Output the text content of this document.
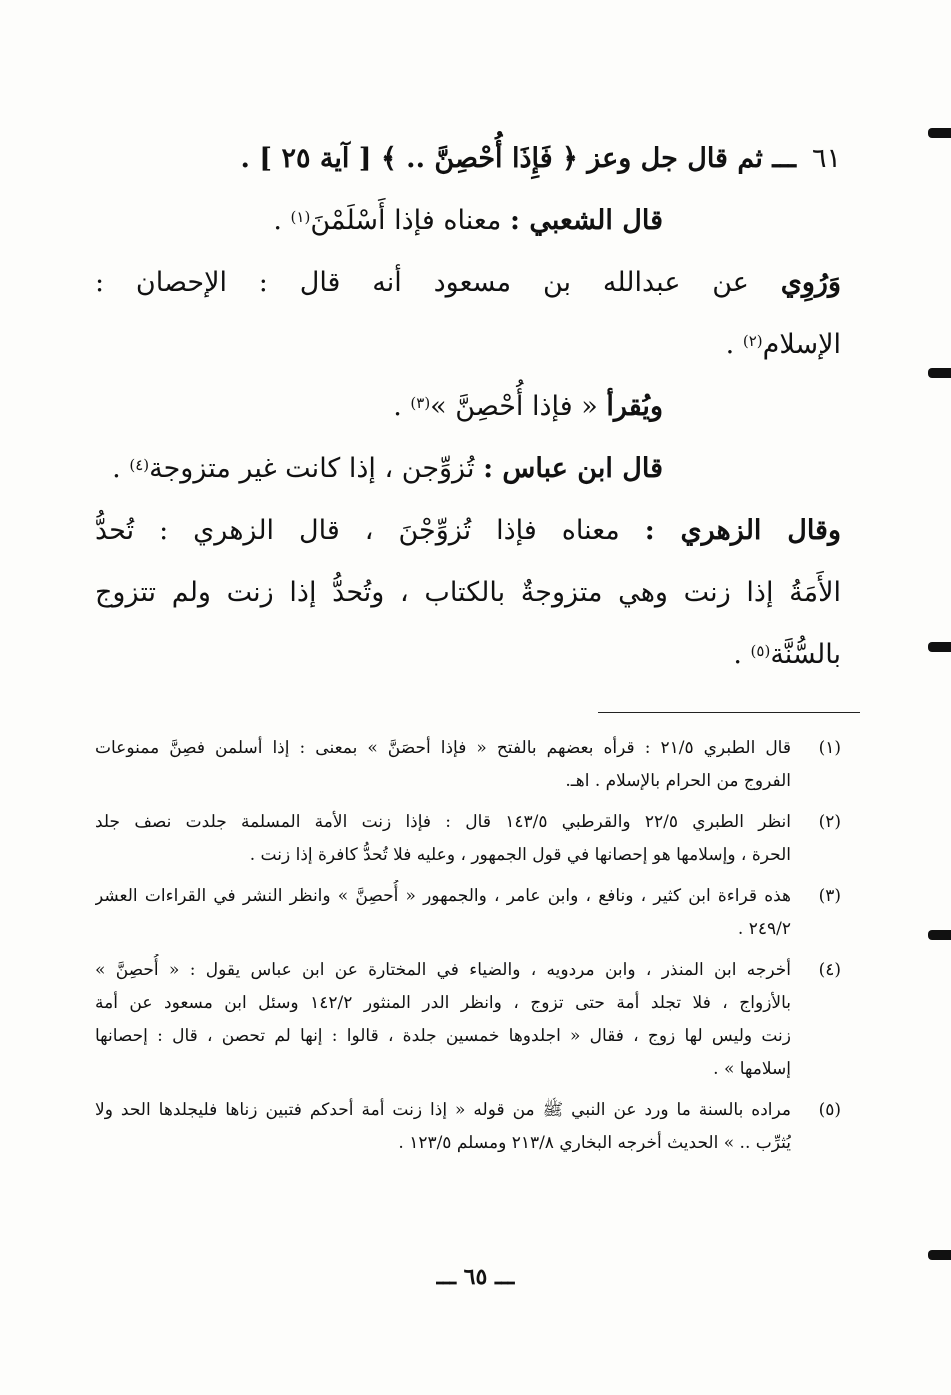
٦١
ـــ ثم قال جل وعز ﴿ فَإِذَا أُحْصِنَّ .. ﴾ [ آية ٢٥ ] .
قال الشعبي : معناه فإذا أَسْلَمْنَ$^{(١)}$ .
وَرُوِي عن عبدالله بن مسعود أنه قال : الإحصان :
الإسلام$^{(٢)}$ .
ويُقرأ « فإذا أُحْصِنَّ »$^{(٣)}$ .
قال ابن عباس : تُزوِّجن ، إذا كانت غير متزوجة$^{(٤)}$ .
وقال الزهري : معناه فإذا تُزوِّجْنَ ، قال الزهري : تُحدُّ
الأَمَةُ إذا زنت وهي متزوجةٌ بالكتاب ، وتُحدُّ إذا زنت ولم تتزوج
بالسُّنَّة$^{(٥)}$ .
(١)
قال الطبري ٢١/٥ : قرأه بعضهم بالفتح « فإذا أحصَنَّ » بمعنى : إذا أسلمن فصِنَّ ممنوعات
الفروج من الحرام بالإسلام . اهـ.
(٢)
انظر الطبري ٢٢/٥ والقرطبي ١٤٣/٥ قال : فإذا زنت الأمة المسلمة جلدت نصف جلد
الحرة ، وإسلامها هو إحصانها في قول الجمهور ، وعليه فلا تُحدُّ كافرة إذا زنت .
(٣)
هذه قراءة ابن كثير ، ونافع ، وابن عامر ، والجمهور « أُحصِنَّ » وانظر النشر في القراءات العشر
٢٤٩/٢ .
(٤)
أخرجه ابن المنذر ، وابن مردويه ، والضياء في المختارة عن ابن عباس يقول : « أُحصِنَّ »
بالأزواج ، فلا تجلد أمة حتى تزوج ، وانظر الدر المنثور ١٤٢/٢ وسئل ابن مسعود عن أمة
زنت وليس لها زوج ، فقال « اجلدوها خمسين جلدة ، قالوا : إنها لم تحصن ، قال : إحصانها
إسلامها » .
(٥)
مراده بالسنة ما ورد عن النبي ﷺ من قوله « إذا زنت أمة أحدكم فتبين زناها فليجلدها الحد ولا
يُثرِّب .. » الحديث أخرجه البخاري ٢١٣/٨ ومسلم ١٢٣/٥ .
ـــ ٦٥ ـــ
